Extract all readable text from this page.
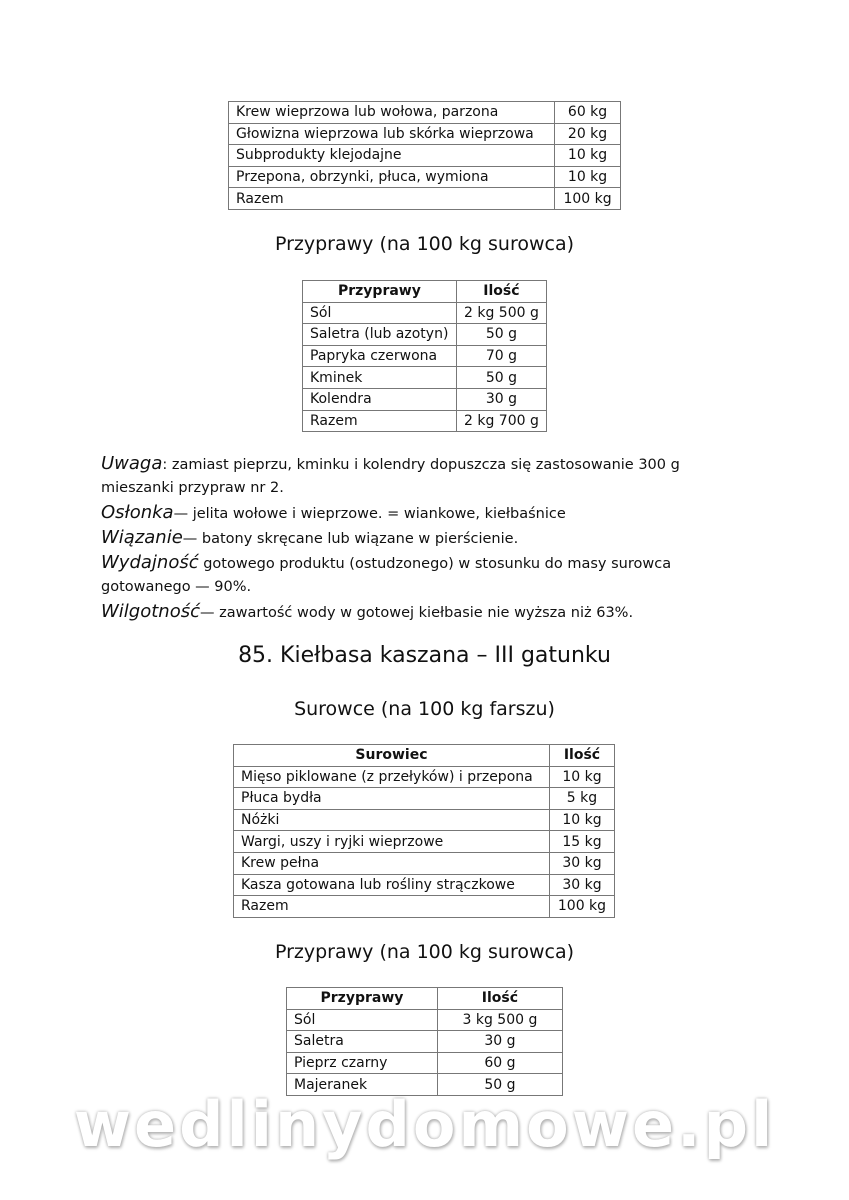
Krew wieprzowa lub wołowa, parzona	60 kg
Głowizna wieprzowa lub skórka wieprzowa	20 kg
Subprodukty klejodajne	10 kg
Przepona, obrzynki, płuca, wymiona	10 kg
Razem	100 kg
Przyprawy (na 100 kg surowca)
Przyprawy	Ilość
Sól	2 kg 500 g
Saletra (lub azotyn)	50 g
Papryka czerwona	70 g
Kminek	50 g
Kolendra	30 g
Razem	2 kg 700 g
Uwaga: zamiast pieprzu, kminku i kolendry dopuszcza się zastosowanie 300 g mieszanki przypraw nr 2.
Osłonka— jelita wołowe i wieprzowe. = wiankowe, kiełbaśnice
Wiązanie— batony skręcane lub wiązane w pierścienie.
Wydajność gotowego produktu (ostudzonego) w stosunku do masy surowca gotowanego — 90%.
Wilgotność— zawartość wody w gotowej kiełbasie nie wyższa niż 63%.
85. Kiełbasa kaszana – III gatunku
Surowce (na 100 kg farszu)
Surowiec	Ilość
Mięso piklowane (z przełyków) i przepona	10 kg
Płuca bydła	5 kg
Nóżki	10 kg
Wargi, uszy i ryjki wieprzowe	15 kg
Krew pełna	30 kg
Kasza gotowana lub rośliny strączkowe	30 kg
Razem	100 kg
Przyprawy (na 100 kg surowca)
Przyprawy	Ilość
Sól	3 kg 500 g
Saletra	30 g
Pieprz czarny	60 g
Majeranek	50 g
wedlinydomowe.pl
